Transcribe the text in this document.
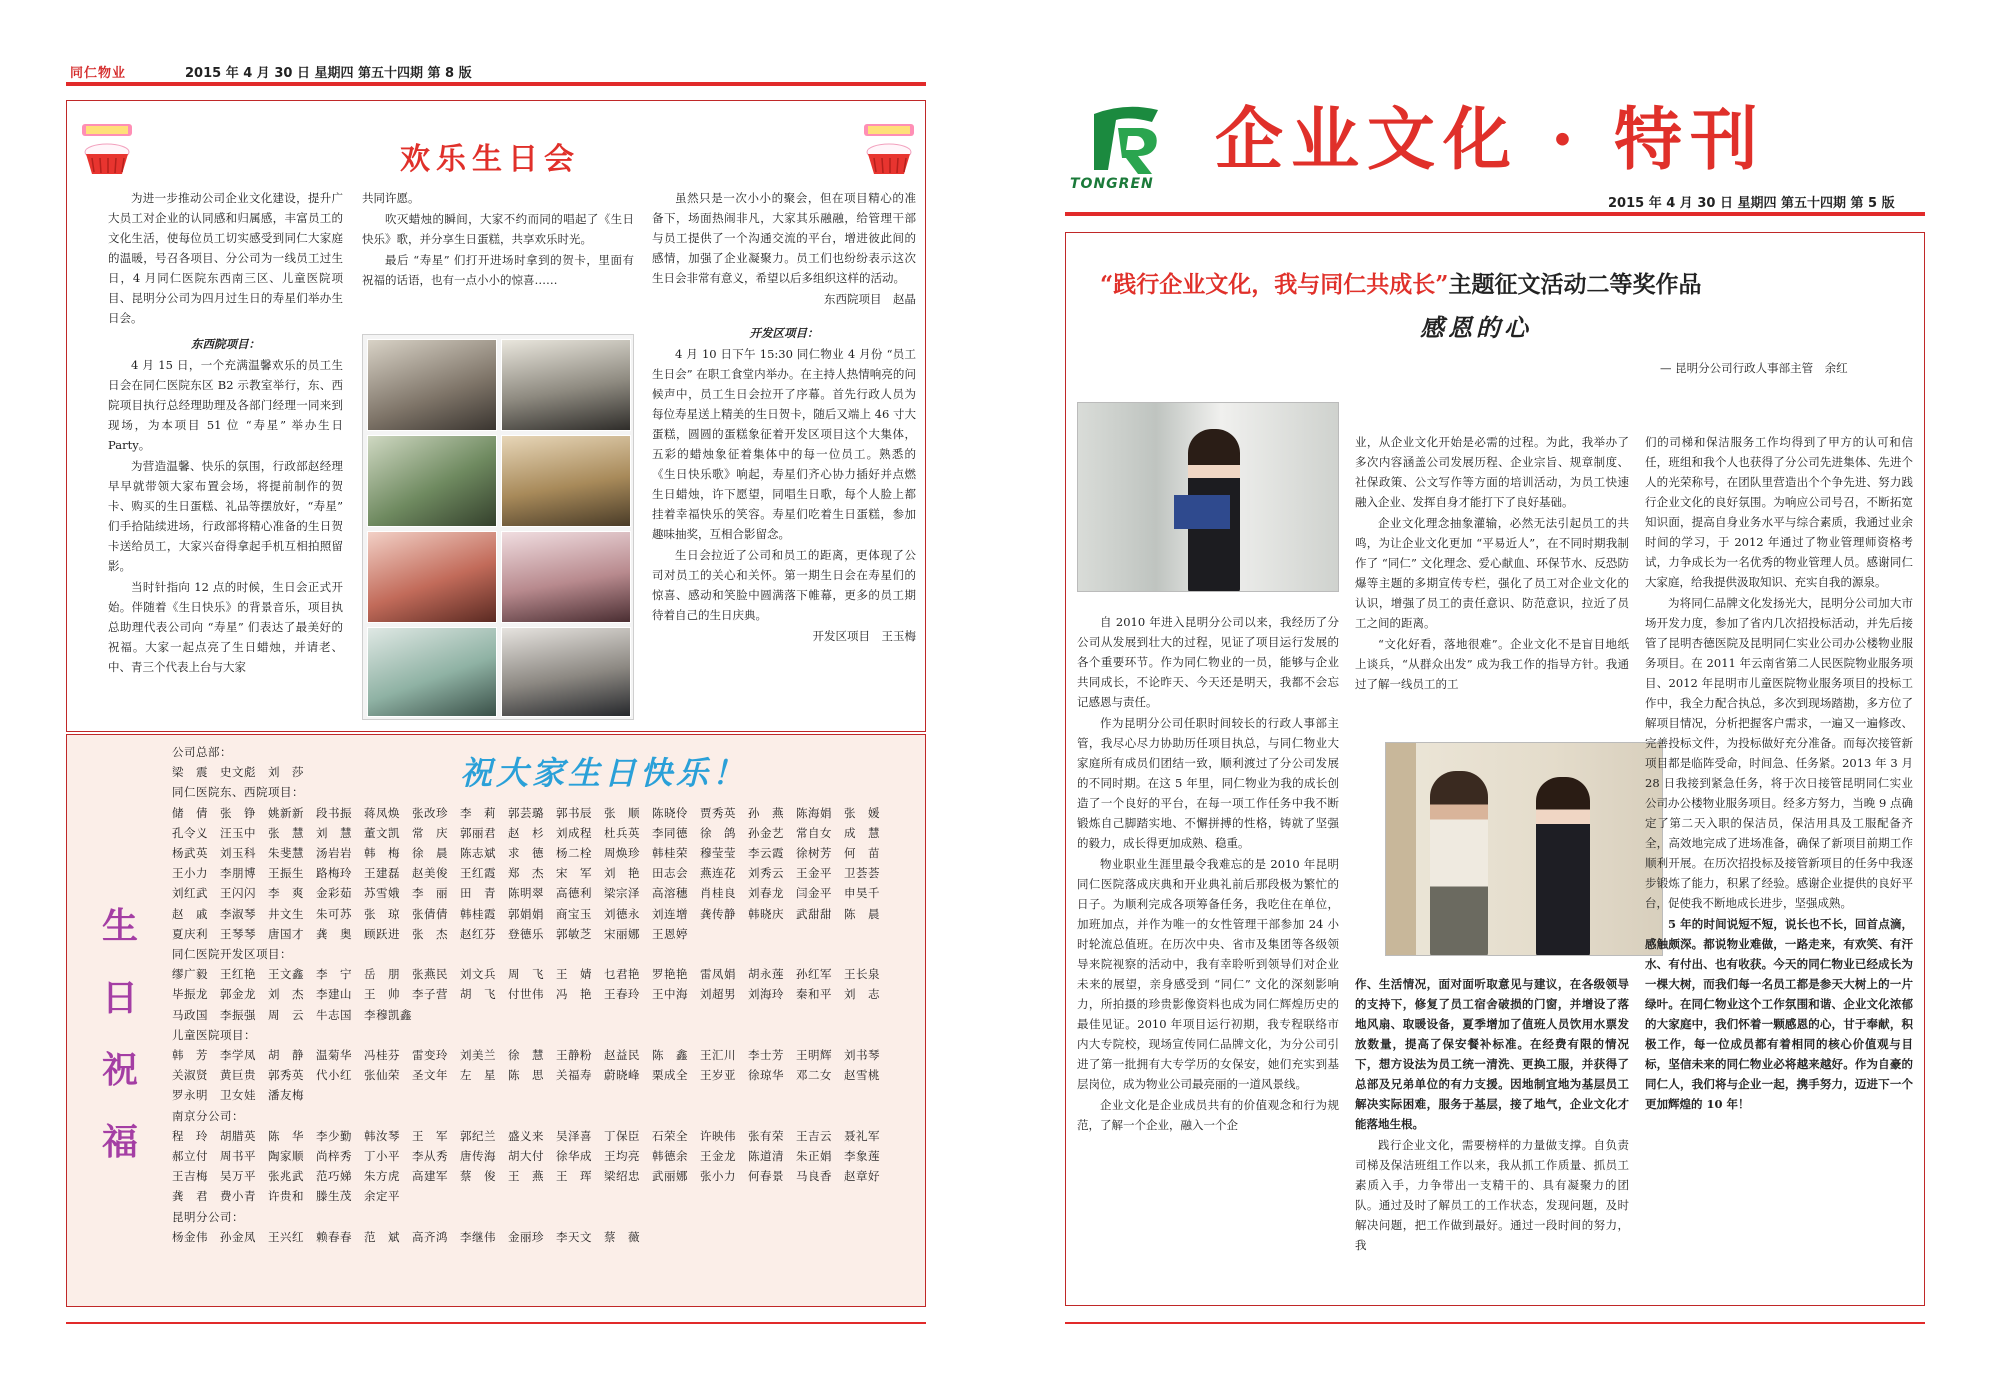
同仁物业	2015 年 4 月 30 日 星期四 第五十四期 第 8 版
欢乐生日会

为进一步推动公司企业文化建设，提升广大员工对企业的认同感和归属感，丰富员工的文化生活，使每位员工切实感受到同仁大家庭的温暖，号召各项目、分公司为一线员工过生日，4 月同仁医院东西南三区、儿童医院项目、昆明分公司为四月过生日的寿星们举办生日会。

东西院项目：

4 月 15 日，一个充满温馨欢乐的员工生日会在同仁医院东区 B2 示教室举行，东、西院项目执行总经理助理及各部门经理一同来到现场，为本项目 51 位 “寿星” 举办生日 Party。

为营造温馨、快乐的氛围，行政部赵经理早早就带领大家布置会场，将提前制作的贺卡、购买的生日蛋糕、礼品等摆放好，“寿星” 们手拾陆续进场，行政部将精心准备的生日贺卡送给员工，大家兴奋得拿起手机互相拍照留影。

当时针指向 12 点的时候，生日会正式开始。伴随着《生日快乐》的背景音乐，项目执总助理代表公司向 “寿星” 们表达了最美好的祝福。大家一起点亮了生日蜡烛，并请老、中、青三个代表上台与大家

共同许愿。

吹灭蜡烛的瞬间，大家不约而同的唱起了《生日快乐》歌，并分享生日蛋糕，共享欢乐时光。

最后 “寿星” 们打开进场时拿到的贺卡，里面有祝福的话语，也有一点小小的惊喜……

虽然只是一次小小的聚会，但在项目精心的准备下，场面热闹非凡，大家其乐融融，给管理干部与员工提供了一个沟通交流的平台，增进彼此间的感情，加强了企业凝聚力。员工们也纷纷表示这次生日会非常有意义，希望以后多组织这样的活动。

东西院项目　赵晶

开发区项目：

4 月 10 日下午 15:30 同仁物业 4 月份 “员工生日会” 在职工食堂内举办。在主持人热情响亮的问候声中，员工生日会拉开了序幕。首先行政人员为每位寿星送上精美的生日贺卡，随后又端上 46 寸大蛋糕，圆圆的蛋糕象征着开发区项目这个大集体，五彩的蜡烛象征着集体中的每一位员工。熟悉的《生日快乐歌》响起，寿星们齐心协力插好并点燃生日蜡烛，许下愿望，同唱生日歌，每个人脸上都挂着幸福快乐的笑容。寿星们吃着生日蛋糕，参加趣味抽奖，互相合影留念。

生日会拉近了公司和员工的距离，更体现了公司对员工的关心和关怀。第一期生日会在寿星们的惊喜、感动和笑脸中圆满落下帷幕，更多的员工期待着自己的生日庆典。

开发区项目　王玉梅

生
日
祝
福
公司总部：
梁　震　史文彪　刘　莎
同仁医院东、西院项目：
储　倩　张　铮　姚新新　段书振　蒋凤焕　张改珍　李　莉　郭芸璐　郭书辰　张　顺　陈晓伶　贾秀英　孙　燕　陈海娟　张　媛
孔令义　汪玉中　张　慧　刘　慧　董文凯　常　庆　郭丽君　赵　杉　刘成程　杜兵英　李同德　徐　鸽　孙金艺　常自女　成　慧
杨武英　刘玉科　朱斐慧　汤岩岩　韩　梅　徐　晨　陈志斌　求　德　杨二栓　周焕珍　韩桂荣　穆莹莹　李云霞　徐树芳　何　苗
王小力　李朋博　王振生　路梅玲　王建磊　赵美俊　王红霞　郑　杰　宋　军　刘　艳　田志会　燕连花　刘秀云　王金平　卫荟荟
刘红武　王闪闪　李　爽　金彩茹　苏雪娥　李　丽　田　青　陈明翠　高德利　梁宗泽　高溶穗　肖桂良　刘春龙　闫金平　申昊千
赵　戚　李淑琴　井文生　朱可苏　张　琼　张倩倩　韩桂霞　郭娟娟　商宝玉　刘德永　刘连增　龚传静　韩晓庆　武甜甜　陈　晨
夏庆利　王琴琴　唐国才　龚　奥　顾跃进　张　杰　赵红芬　登德乐　郭敏芝　宋丽娜　王恩婷
同仁医院开发区项目：
缪广毅　王红艳　王文鑫　李　宁　岳　朋　张燕民　刘文兵　周　飞　王　婧　乜君艳　罗艳艳　雷凤娟　胡永莲　孙红军　王长泉
毕振龙　郭金龙　刘　杰　李建山　王　帅　李子营　胡　飞　付世伟　冯　艳　王春玲　王中海　刘超男　刘海玲　秦和平　刘　志
马政国　李振强　周　云　牛志国　李穆凯鑫
儿童医院项目：
韩　芳　李学凤　胡　静　温菊华　冯桂芬　雷变玲　刘美兰　徐　慧　王静粉　赵益民　陈　鑫　王汇川　李士芳　王明辉　刘书琴
关淑贤　黄巨贵　郭秀英　代小红　张仙荣　圣文年　左　星　陈　思　关福寿　蔚晓峰　栗成全　王岁亚　徐琼华　邓二女　赵雪桃
罗永明　卫女娃　潘友梅
南京分公司：
程　玲　胡腊英　陈　华　李少勤　韩汝琴　王　军　郭纪兰　盛义来　吴泽喜　丁保臣　石荣全　许映伟　张有荣　王吉云　聂礼军
郝立付　周书平　陶家顺　尚梓秀　丁小平　李从秀　唐传海　胡大付　徐华成　王均亮　韩德余　王金龙　陈道清　朱正娟　李象莲
王吉梅　吴万平　张兆武　范巧娣　朱方虎　高建军　蔡　俊　王　燕　王　珲　梁绍忠　武丽娜　张小力　何春景　马良香　赵章好
龚　君　费小青　许贵和　滕生茂　余定平
昆明分公司：
杨金伟　孙金凤　王兴红　赖春春　范　斌　高齐鸿　李继伟　金丽珍　李天文　蔡　薇
祝大家生日快乐！
TONGREN
企业文化 · 特刊
2015 年 4 月 30 日 星期四 第五十四期 第 5 版
“践行企业文化，我与同仁共成长”主题征文活动二等奖作品
感恩的心
— 昆明分公司行政人事部主管　余红

自 2010 年进入昆明分公司以来，我经历了分公司从发展到壮大的过程，见证了项目运行发展的各个重要环节。作为同仁物业的一员，能够与企业共同成长，不论昨天、今天还是明天，我都不会忘记感恩与责任。

作为昆明分公司任职时间较长的行政人事部主管，我尽心尽力协助历任项目执总，与同仁物业大家庭所有成员们团结一致，顺利渡过了分公司发展的不同时期。在这 5 年里，同仁物业为我的成长创造了一个良好的平台，在每一项工作任务中我不断锻炼自己脚踏实地、不懈拼搏的性格，铸就了坚强的毅力，成长得更加成熟、稳重。

物业职业生涯里最令我难忘的是 2010 年昆明同仁医院落成庆典和开业典礼前后那段极为繁忙的日子。为顺利完成各项筹备任务，我吃住在单位，加班加点，并作为唯一的女性管理干部参加 24 小时轮流总值班。在历次中央、省市及集团等各级领导来院视察的活动中，我有幸聆听到领导们对企业未来的展望，亲身感受到 “同仁” 文化的深刻影响力，所拍摄的珍贵影像资料也成为同仁辉煌历史的最佳见证。2010 年项目运行初期，我专程联络市内大专院校，现场宣传同仁品牌文化，为分公司引进了第一批拥有大专学历的女保安，她们充实到基层岗位，成为物业公司最亮丽的一道风景线。

企业文化是企业成员共有的价值观念和行为规范，了解一个企业，融入一个企

业，从企业文化开始是必需的过程。为此，我举办了多次内容涵盖公司发展历程、企业宗旨、规章制度、社保政策、公文写作等方面的培训活动，为员工快速融入企业、发挥自身才能打下了良好基础。

企业文化理念抽象灌输，必然无法引起员工的共鸣，为让企业文化更加 “平易近人”，在不同时期我制作了 “同仁” 文化理念、爱心献血、环保节水、反恐防爆等主题的多期宣传专栏，强化了员工对企业文化的认识，增强了员工的责任意识、防范意识，拉近了员工之间的距离。

“文化好看，落地很难”。企业文化不是盲目地纸上谈兵，“从群众出发” 成为我工作的指导方针。我通过了解一线员工的工

作、生活情况，面对面听取意见与建议，在各级领导的支持下，修复了员工宿舍破损的门窗，并增设了落地风扇、取暖设备，夏季增加了值班人员饮用水票发放数量，提高了保安餐补标准。在经费有限的情况下，想方设法为员工统一清洗、更换工服，并获得了总部及兄弟单位的有力支援。因地制宜地为基层员工解决实际困难，服务于基层，接了地气，企业文化才能落地生根。

践行企业文化，需要榜样的力量做支撑。自负责司梯及保洁班组工作以来，我从抓工作质量、抓员工素质入手，力争带出一支精干的、具有凝聚力的团队。通过及时了解员工的工作状态，发现问题，及时解决问题，把工作做到最好。通过一段时间的努力，我

们的司梯和保洁服务工作均得到了甲方的认可和信任，班组和我个人也获得了分公司先进集体、先进个人的光荣称号，在团队里营造出个个争先进、努力践行企业文化的良好氛围。为响应公司号召，不断拓宽知识面，提高自身业务水平与综合素质，我通过业余时间的学习，于 2012 年通过了物业管理师资格考试，力争成长为一名优秀的物业管理人员。感谢同仁大家庭，给我提供汲取知识、充实自我的源泉。

为将同仁品牌文化发扬光大，昆明分公司加大市场开发力度，参加了省内几次招投标活动，并先后接管了昆明杏德医院及昆明同仁实业公司办公楼物业服务项目。在 2011 年云南省第二人民医院物业服务项目、2012 年昆明市儿童医院物业服务项目的投标工作中，我全力配合执总，多次到现场踏勘，多方位了解项目情况，分析把握客户需求，一遍又一遍修改、完善投标文件，为投标做好充分准备。而每次接管新项目都是临阵受命，时间急、任务紧。2013 年 3 月 28 日我接到紧急任务，将于次日接管昆明同仁实业公司办公楼物业服务项目。经多方努力，当晚 9 点确定了第二天入职的保洁员，保洁用具及工服配备齐全，高效地完成了进场准备，确保了新项目前期工作顺利开展。在历次招投标及接管新项目的任务中我逐步锻炼了能力，积累了经验。感谢企业提供的良好平台，促使我不断地成长进步，坚强成熟。

5 年的时间说短不短，说长也不长，回首点滴，感触颇深。都说物业难做，一路走来，有欢笑、有汗水、有付出、也有收获。今天的同仁物业已经成长为一棵大树，而我们每一名员工都是参天大树上的一片绿叶。在同仁物业这个工作氛围和谐、企业文化浓郁的大家庭中，我们怀着一颗感恩的心，甘于奉献，积极工作，每一位成员都有着相同的核心价值观与目标，坚信未来的同仁物业必将越来越好。作为自豪的同仁人，我们将与企业一起，携手努力，迈进下一个更加辉煌的 10 年！
